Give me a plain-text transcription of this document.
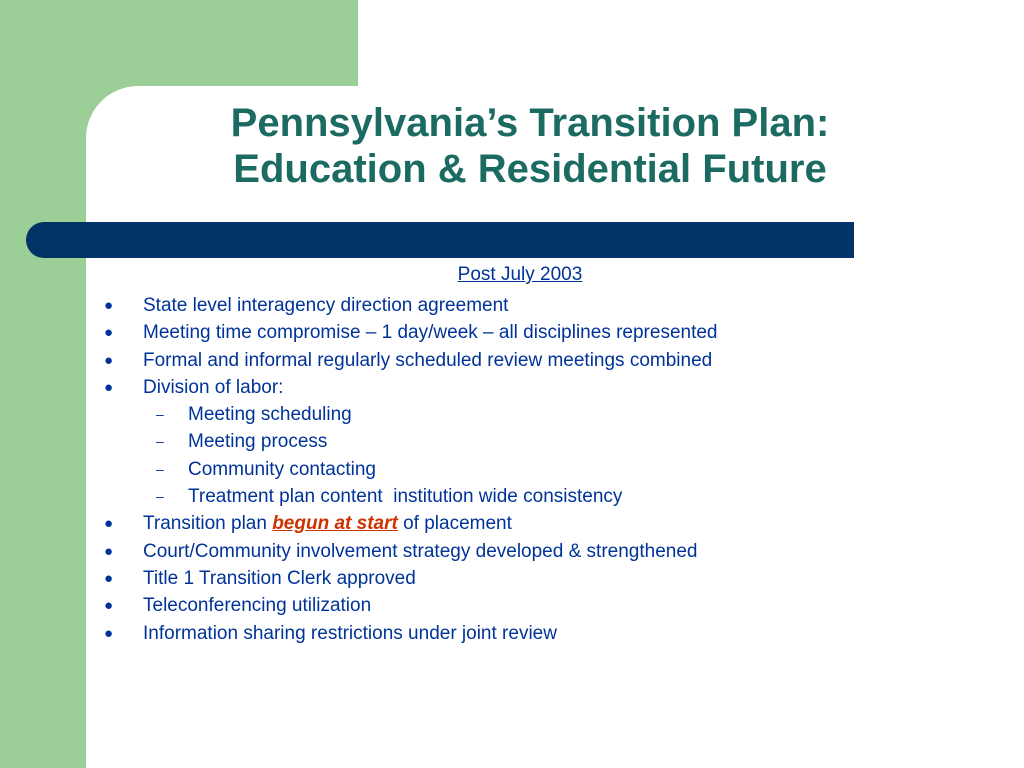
Pennsylvania’s Transition Plan:
Education & Residential Future
Post July 2003
● State level interagency direction agreement
● Meeting time compromise – 1 day/week – all disciplines represented
● Formal and informal regularly scheduled review meetings combined
● Division of labor:
– Meeting scheduling
– Meeting process
– Community contacting
– Treatment plan content  institution wide consistency
● Transition plan begun at start of placement
● Court/Community involvement strategy developed & strengthened
● Title 1 Transition Clerk approved
● Teleconferencing utilization
● Information sharing restrictions under joint review
